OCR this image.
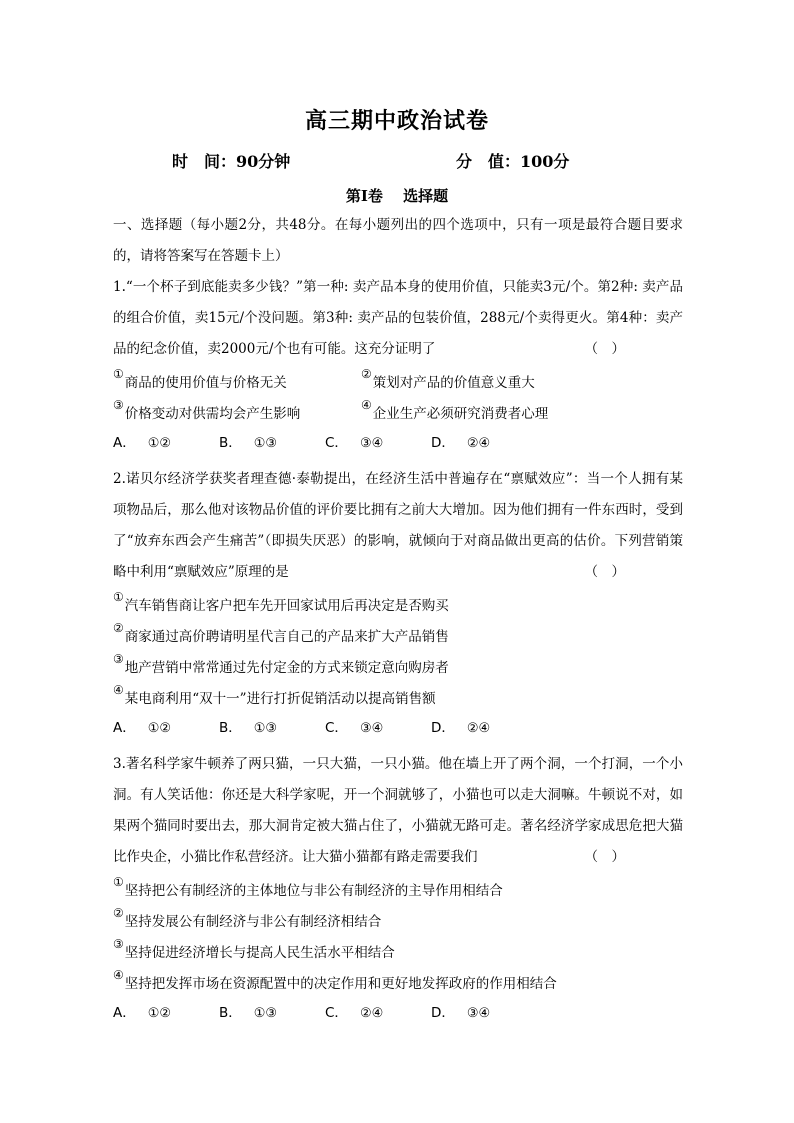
高三期中政治试卷
时　间：90分钟	分　值：100分
第Ⅰ卷　 选择题

一、选择题（每小题2分，共48分。在每小题列出的四个选项中，只有一项是最符合题目要求的，请将答案写在答题卡上）

1.“一个杯子到底能卖多少钱？”第一种: 卖产品本身的使用价值，只能卖3元/个。第2种: 卖产品的组合价值，卖15元/个没问题。第3种: 卖产品的包装价值，288元/个卖得更火。第4种：卖产品的纪念价值，卖2000元/个也有可能。这充分证明了	（　）

①
商品的使用价值与价格无关
②
策划对产品的价值意义重大
③
价格变动对供需均会产生影响
④
企业生产必须研究消费者心理
A． ①②	B． ①③	C． ③④	D． ②④

2.诺贝尔经济学获奖者理查德·泰勒提出，在经济生活中普遍存在“禀赋效应”：当一个人拥有某项物品后，那么他对该物品价值的评价要比拥有之前大大增加。因为他们拥有一件东西时，受到了“放弃东西会产生痛苦”（即损失厌恶）的影响，就倾向于对商品做出更高的估价。下列营销策略中利用“禀赋效应”原理的是	（　）

①
汽车销售商让客户把车先开回家试用后再决定是否购买
②
商家通过高价聘请明星代言自己的产品来扩大产品销售
③
地产营销中常常通过先付定金的方式来锁定意向购房者
④
某电商利用“双十一”进行打折促销活动以提高销售额
A． ①②	B． ①③	C． ③④	D． ②④

3.著名科学家牛顿养了两只猫，一只大猫，一只小猫。他在墙上开了两个洞，一个打洞，一个小洞。有人笑话他：你还是大科学家呢，开一个洞就够了，小猫也可以走大洞嘛。牛顿说不对，如果两个猫同时要出去，那大洞肯定被大猫占住了，小猫就无路可走。著名经济学家成思危把大猫比作央企，小猫比作私营经济。让大猫小猫都有路走需要我们	（　）

①
坚持把公有制经济的主体地位与非公有制经济的主导作用相结合
②
坚持发展公有制经济与非公有制经济相结合
③
坚持促进经济增长与提高人民生活水平相结合
④
坚持把发挥市场在资源配置中的决定作用和更好地发挥政府的作用相结合
A． ①②	B． ①③	C． ②④	D． ③④
